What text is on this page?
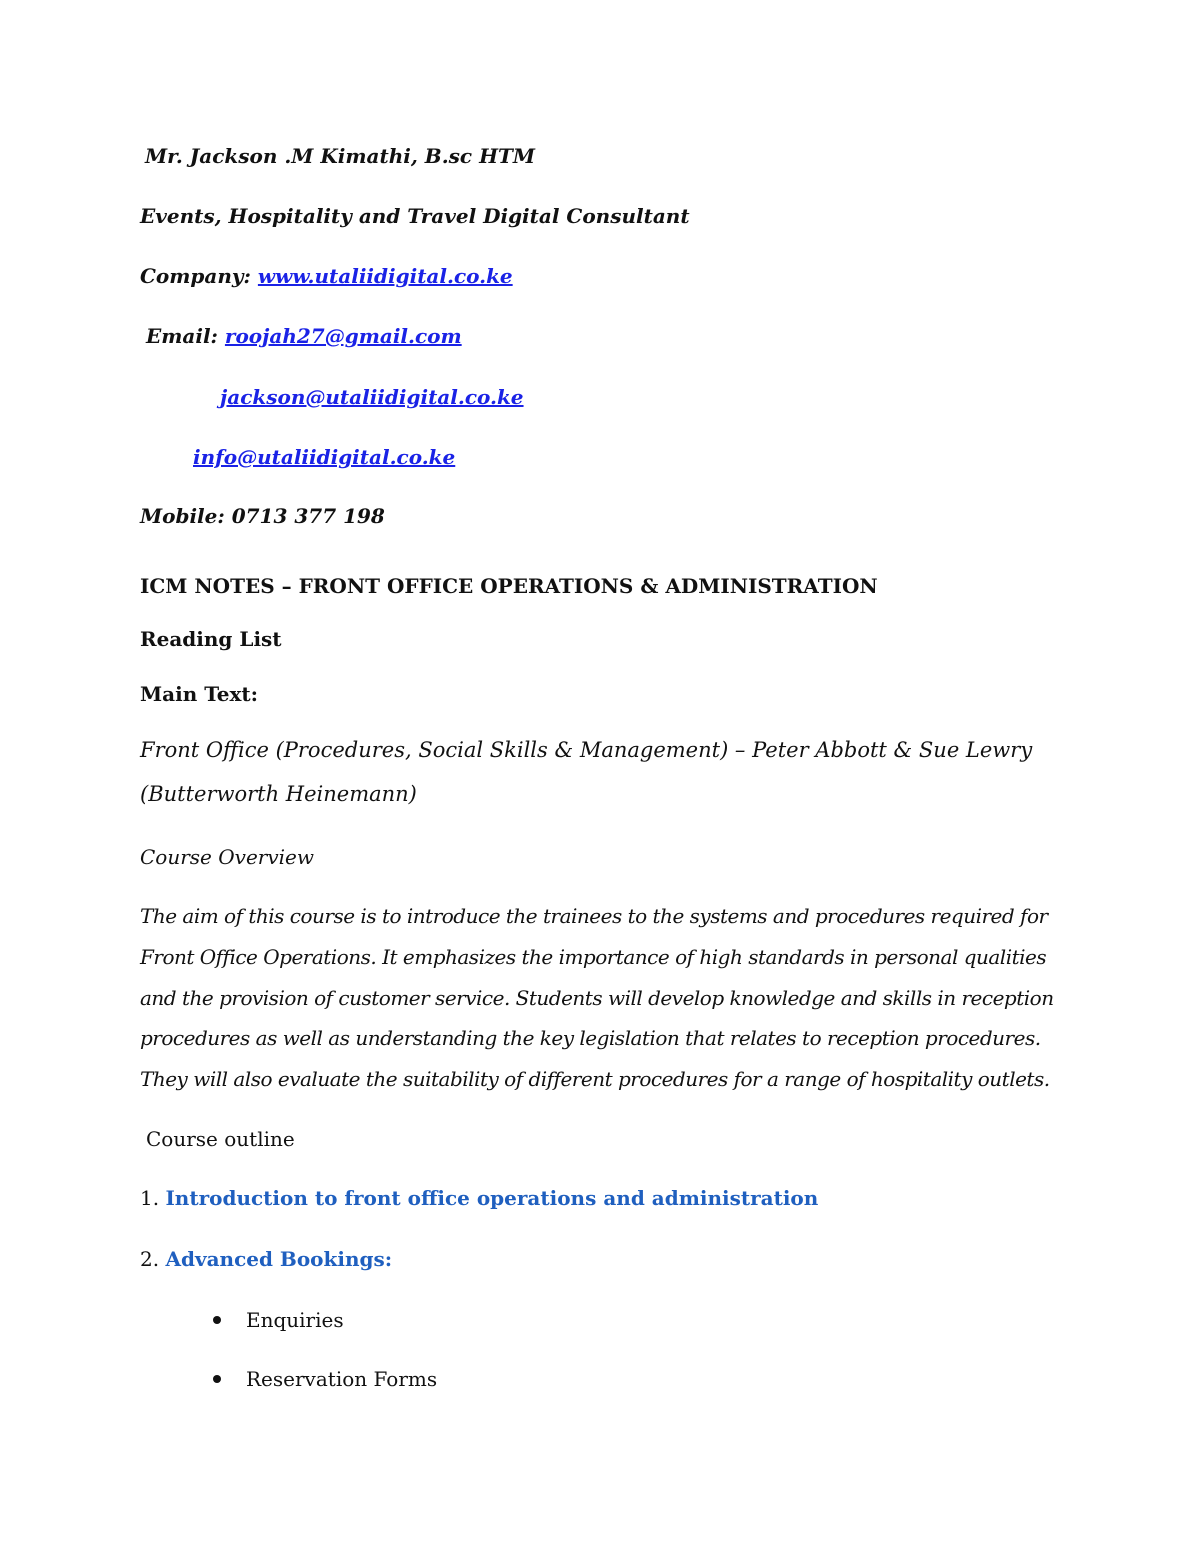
Mr. Jackson .M Kimathi, B.sc HTM
Events, Hospitality and Travel Digital Consultant
Company: www.utaliidigital.co.ke
Email: roojah27@gmail.com
jackson@utaliidigital.co.ke
info@utaliidigital.co.ke
Mobile: 0713 377 198
ICM NOTES – FRONT OFFICE OPERATIONS & ADMINISTRATION
Reading List
Main Text:
Front Office (Procedures, Social Skills & Management) – Peter Abbott & Sue Lewry
(Butterworth Heinemann)
Course Overview
The aim of this course is to introduce the trainees to the systems and procedures required for
Front Office Operations. It emphasizes the importance of high standards in personal qualities
and the provision of customer service. Students will develop knowledge and skills in reception
procedures as well as understanding the key legislation that relates to reception procedures.
They will also evaluate the suitability of different procedures for a range of hospitality outlets.
Course outline
1. Introduction to front office operations and administration
2. Advanced Bookings:
Enquiries
Reservation Forms
